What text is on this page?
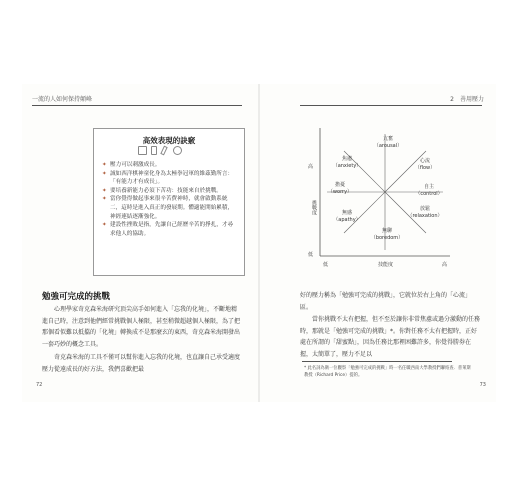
一流的人如何保持顛峰
高效表現的訣竅
✦ 壓力可以刺激成長。
✦ 誠如西洋棋神童化身為太極拳冠軍的維茲勤所言：「有能力才有成長」。
✦ 要培養新能力必須下苦功：技能來自於挑戰。
✦ 當你覺得做起事來很辛苦費神時，就會啟動系統二，這時是進入真正的發展期。體適能開始累積，神經連結逐漸強化。
✦ 建設性挫敗是指，先讓自己經歷辛苦的掙扎，才尋求他人的協助。
勉強可完成的挑戰
心理學家奇克森米海研究頂尖高手如何進入「忘我的化境」，不斷地精進自己時，注意到他們經常挑戰個人極限，甚至稍微超越個人極限，為了把那個看似難以抵擋的「化境」轉換成不是那麼玄的東西，奇克森米海開發出一套巧妙的概念工具。
奇克森米海的工具不僅可以幫你進入忘我的化境，也直讓自己承受適度壓力從遠成長的好方法，我們喜歡把最
72
2　善用壓力
高
低
低	高
技能度
挑戰度
焦慮
（anxiety）
亢奮
（arousal）
心流
（flow）
擔憂
（worry）
自主
（control）
無感
（apathy）
無聊
（boredom）
放鬆
（relaxation）
好的壓力稱為「勉強可完成的挑戰」，它就位於右上角的「心流」區。
當你挑戰不太有把握，但不至於讓你非常焦慮或過分激動的任務時，那就是「勉強可完成的挑戰」*。你對任務不太有把握時，正好處在所謂的「甜蜜點」，因為任務比那裡困難許多，你覺得勝券在握，太簡單了，壓力不足以
* 此名詞為衛一位觀察「勉強可完成的挑戰」時一名任職西南大學教授們聯絡查．普萊斯教授（Richard Price）提的。
73
